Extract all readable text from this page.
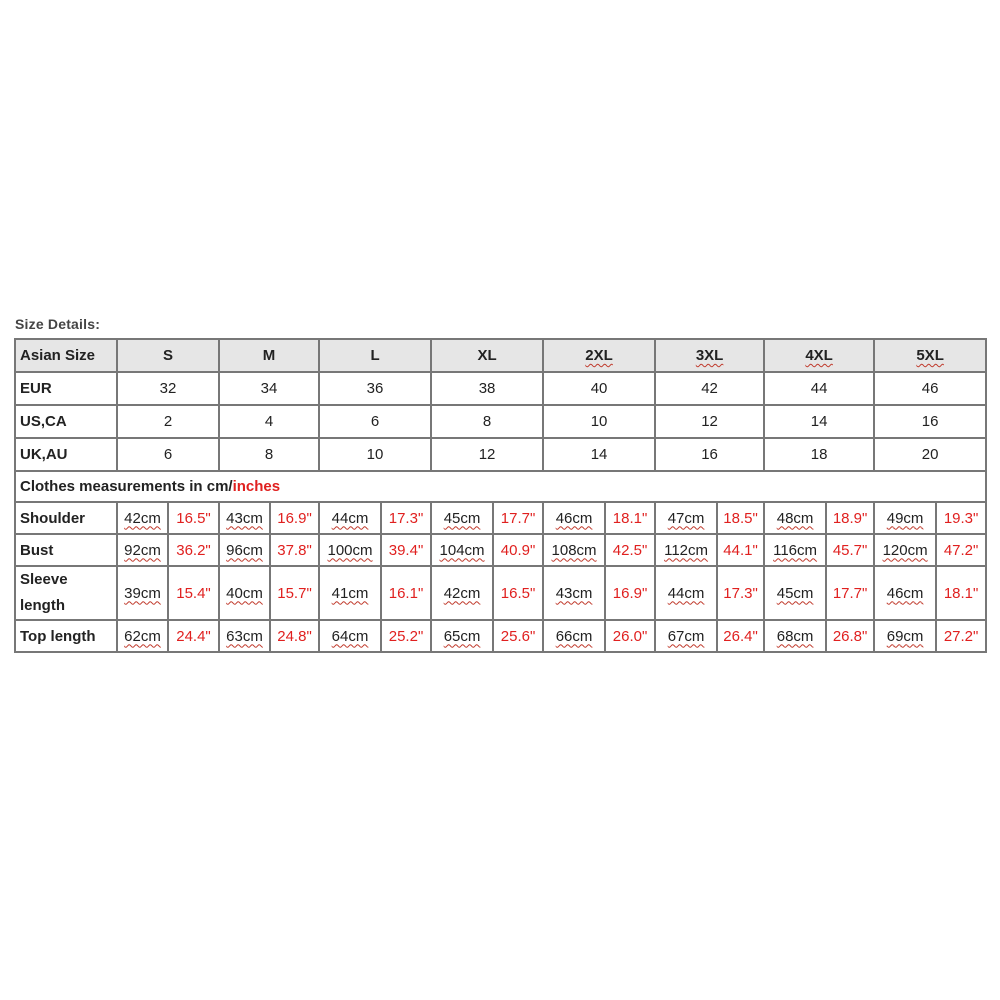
Size Details:
Asian Size	S		M		L		XL		2XL		3XL		4XL		5XL	
EUR	32		34		36		38		40		42		44		46	
US,CA	2		4		6		8		10		12		14		16	
UK,AU	6		8		10		12		14		16		18		20	
Clothes measurements in cm/inches																
Shoulder	42cm	16.5"	43cm	16.9"	44cm	17.3"	45cm	17.7"	46cm	18.1"	47cm	18.5"	48cm	18.9"	49cm	19.3"
Bust	92cm	36.2"	96cm	37.8"	100cm	39.4"	104cm	40.9"	108cm	42.5"	112cm	44.1"	116cm	45.7"	120cm	47.2"
Sleeve length	39cm	15.4"	40cm	15.7"	41cm	16.1"	42cm	16.5"	43cm	16.9"	44cm	17.3"	45cm	17.7"	46cm	18.1"
Top length	62cm	24.4"	63cm	24.8"	64cm	25.2"	65cm	25.6"	66cm	26.0"	67cm	26.4"	68cm	26.8"	69cm	27.2"
